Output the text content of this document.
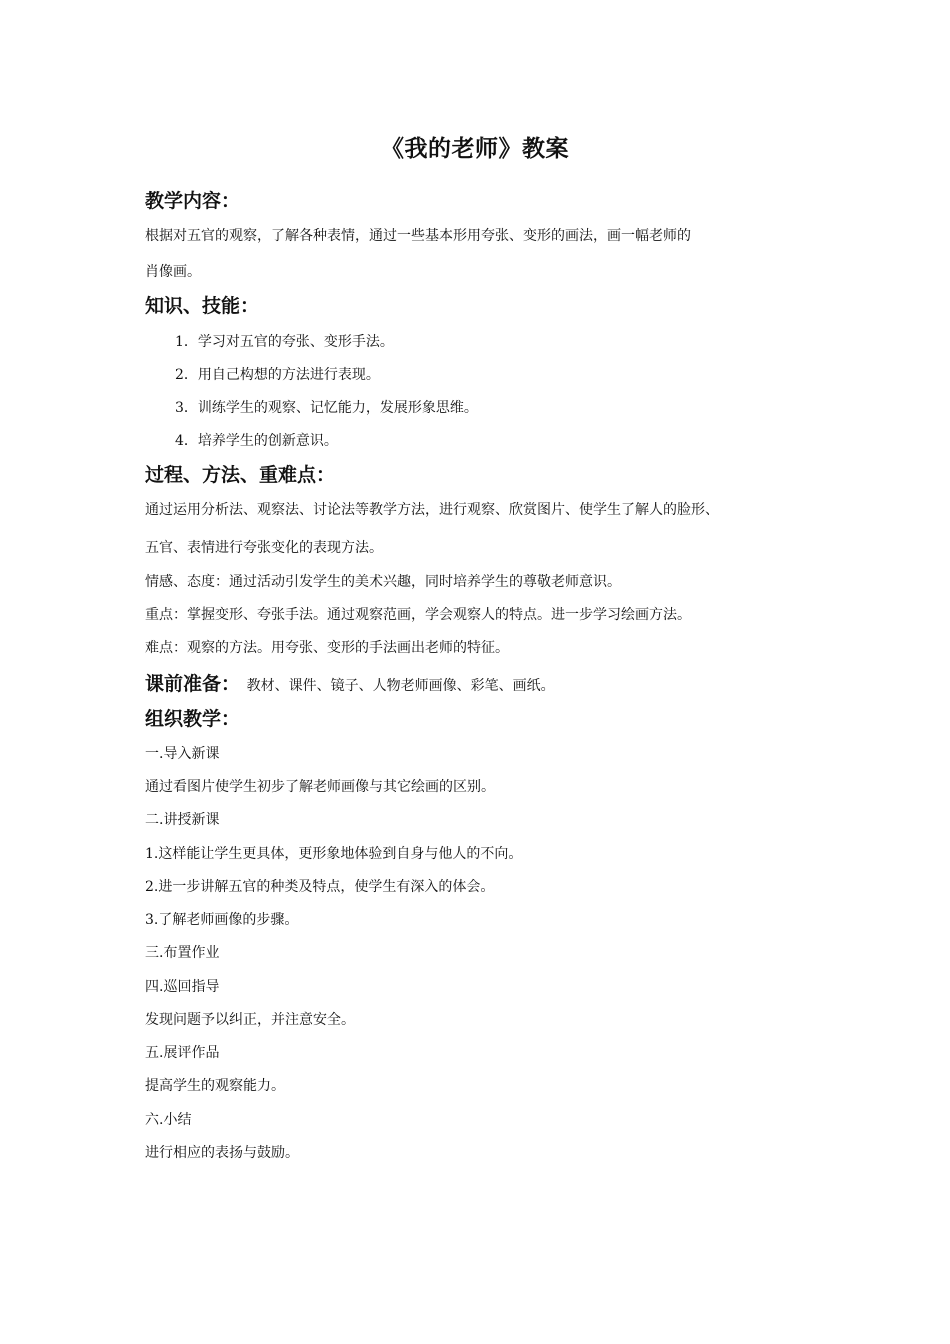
《我的老师》教案
教学内容：
根据对五官的观察，了解各种表情，通过一些基本形用夸张、变形的画法，画一幅老师的
肖像画。
知识、技能：
1．学习对五官的夸张、变形手法。
2．用自己构想的方法进行表现。
3．训练学生的观察、记忆能力，发展形象思维。
4．培养学生的创新意识。
过程、方法、重难点：
通过运用分析法、观察法、讨论法等教学方法，进行观察、欣赏图片、使学生了解人的脸形、
五官、表情进行夸张变化的表现方法。
情感、态度：通过活动引发学生的美术兴趣，同时培养学生的尊敬老师意识。
重点：掌握变形、夸张手法。通过观察范画，学会观察人的特点。进一步学习绘画方法。
难点：观察的方法。用夸张、变形的手法画出老师的特征。
课前准备： 教材、课件、镜子、人物老师画像、彩笔、画纸。
组织教学：
一.导入新课
通过看图片使学生初步了解老师画像与其它绘画的区别。
二.讲授新课
1.这样能让学生更具体，更形象地体验到自身与他人的不向。
2.进一步讲解五官的种类及特点，使学生有深入的体会。
3.了解老师画像的步骤。
三.布置作业
四.巡回指导
发现问题予以纠正，并注意安全。
五.展评作品
提高学生的观察能力。
六.小结
进行相应的表扬与鼓励。
